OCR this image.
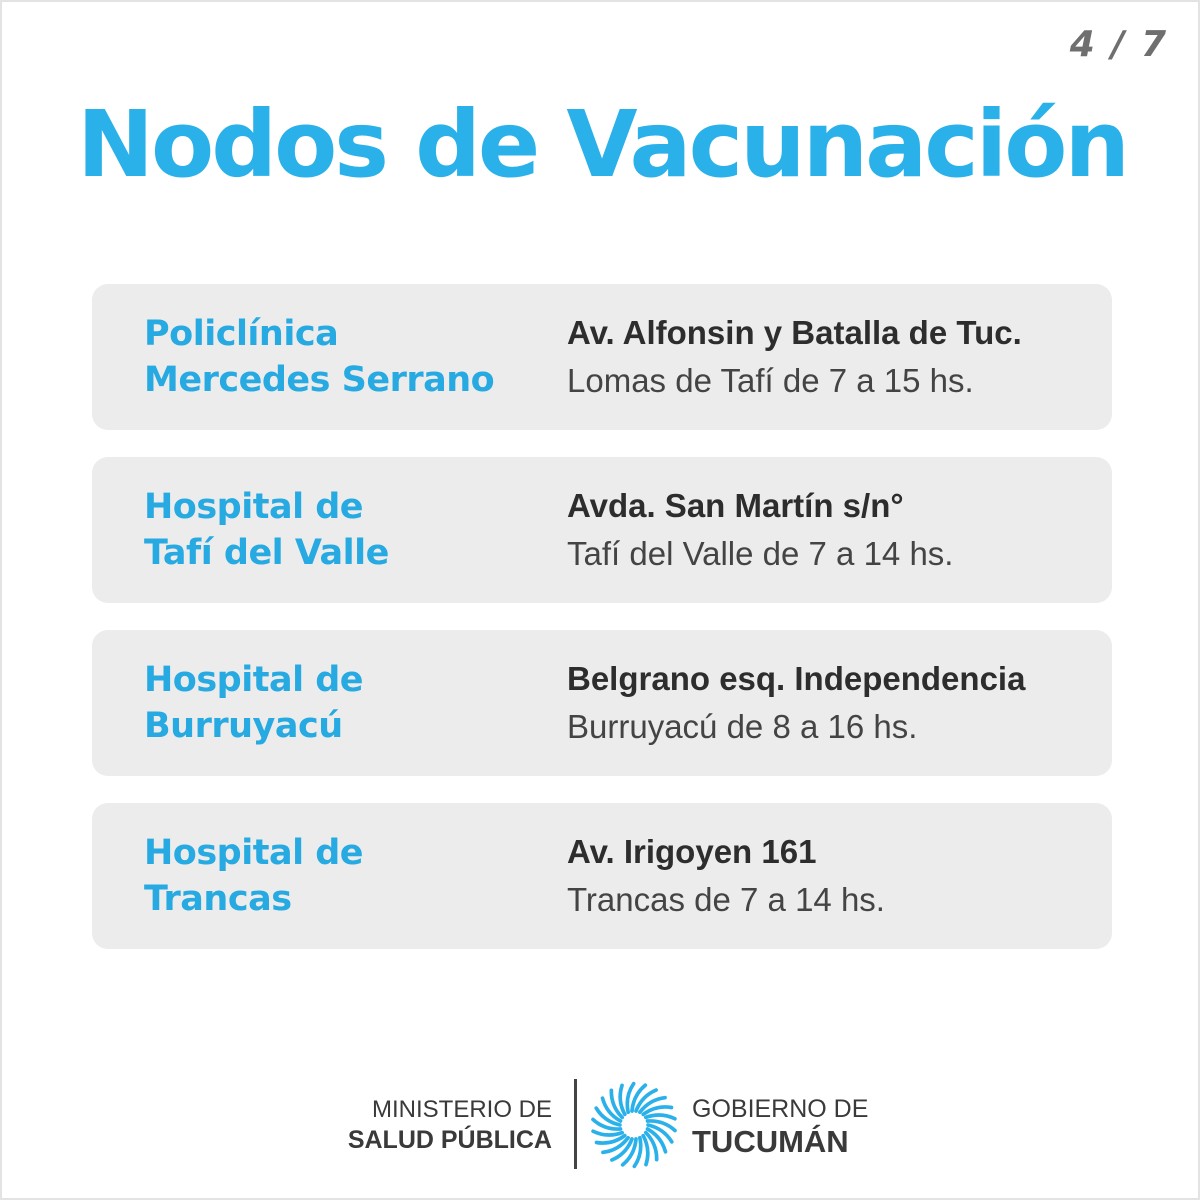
4 / 7
Nodos de Vacunación
Policlínica
Mercedes Serrano
Av. Alfonsin y Batalla de Tuc.
Lomas de Tafí de 7 a 15 hs.
Hospital de
Tafí del Valle
Avda. San Martín s/n°
Tafí del Valle de 7 a 14 hs.
Hospital de
Burruyacú
Belgrano esq. Independencia
Burruyacú de 8 a 16 hs.
Hospital de
Trancas
Av. Irigoyen 161
Trancas de 7 a 14 hs.
MINISTERIO DE
SALUD PÚBLICA
GOBIERNO DE
TUCUMÁN
